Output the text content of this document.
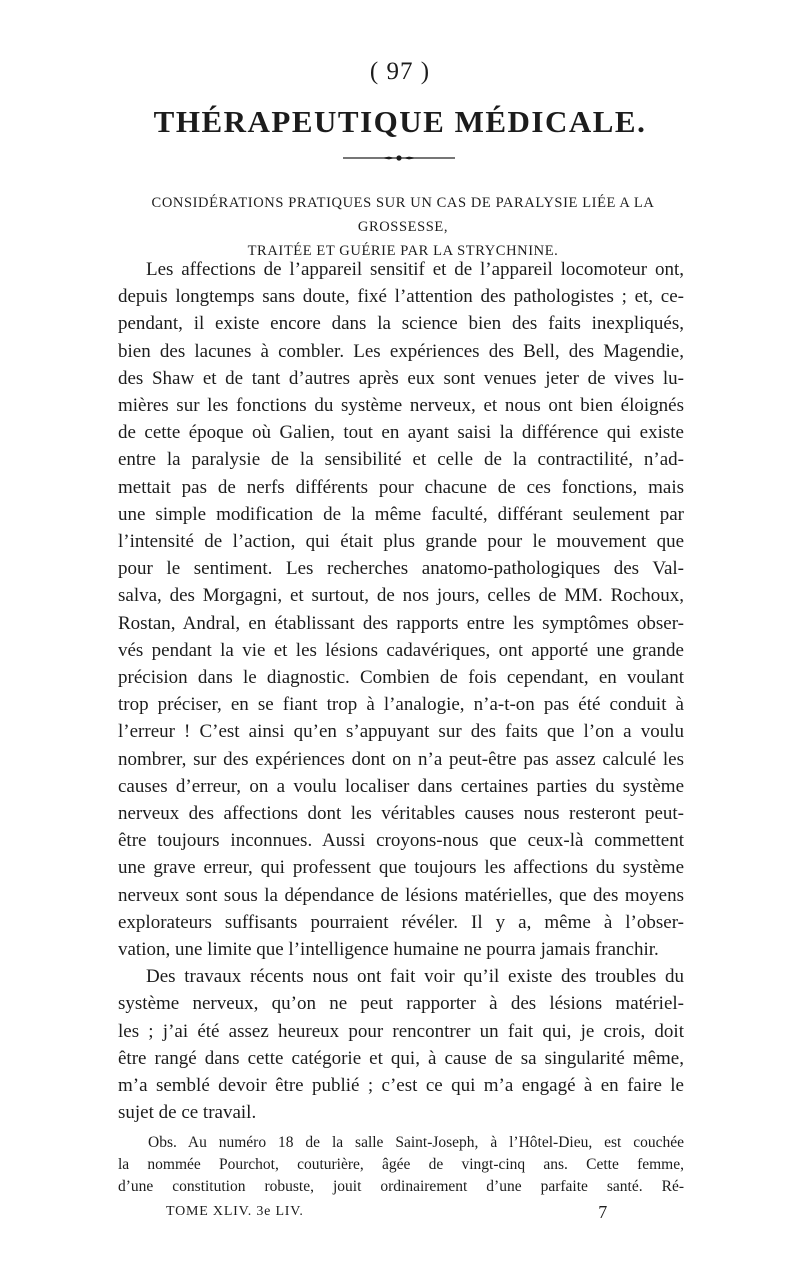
( 97 )
THÉRAPEUTIQUE MÉDICALE.
CONSIDÉRATIONS PRATIQUES SUR UN CAS DE PARALYSIE LIÉE A LA GROSSESSE,
TRAITÉE ET GUÉRIE PAR LA STRYCHNINE.
Les affections de l’appareil sensitif et de l’appareil locomoteur ont,
depuis longtemps sans doute, fixé l’attention des pathologistes ; et, ce-
pendant, il existe encore dans la science bien des faits inexpliqués,
bien des lacunes à combler. Les expériences des Bell, des Magendie,
des Shaw et de tant d’autres après eux sont venues jeter de vives lu-
mières sur les fonctions du système nerveux, et nous ont bien éloignés
de cette époque où Galien, tout en ayant saisi la différence qui existe
entre la paralysie de la sensibilité et celle de la contractilité, n’ad-
mettait pas de nerfs différents pour chacune de ces fonctions, mais
une simple modification de la même faculté, différant seulement par
l’intensité de l’action, qui était plus grande pour le mouvement que
pour le sentiment. Les recherches anatomo-pathologiques des Val-
salva, des Morgagni, et surtout, de nos jours, celles de MM. Rochoux,
Rostan, Andral, en établissant des rapports entre les symptômes obser-
vés pendant la vie et les lésions cadavériques, ont apporté une grande
précision dans le diagnostic. Combien de fois cependant, en voulant
trop préciser, en se fiant trop à l’analogie, n’a-t-on pas été conduit à
l’erreur ! C’est ainsi qu’en s’appuyant sur des faits que l’on a voulu
nombrer, sur des expériences dont on n’a peut-être pas assez calculé les
causes d’erreur, on a voulu localiser dans certaines parties du système
nerveux des affections dont les véritables causes nous resteront peut-
être toujours inconnues. Aussi croyons-nous que ceux-là commettent
une grave erreur, qui professent que toujours les affections du système
nerveux sont sous la dépendance de lésions matérielles, que des moyens
explorateurs suffisants pourraient révéler. Il y a, même à l’obser-
vation, une limite que l’intelligence humaine ne pourra jamais franchir.
Des travaux récents nous ont fait voir qu’il existe des troubles du
système nerveux, qu’on ne peut rapporter à des lésions matériel-
les ; j’ai été assez heureux pour rencontrer un fait qui, je crois, doit
être rangé dans cette catégorie et qui, à cause de sa singularité même,
m’a semblé devoir être publié ; c’est ce qui m’a engagé à en faire le
sujet de ce travail.
Obs. Au numéro 18 de la salle Saint-Joseph, à l’Hôtel-Dieu, est couchée
la nommée Pourchot, couturière, âgée de vingt-cinq ans. Cette femme,
d’une constitution robuste, jouit ordinairement d’une parfaite santé. Ré-
TOME XLIV. 3e LIV.	7
